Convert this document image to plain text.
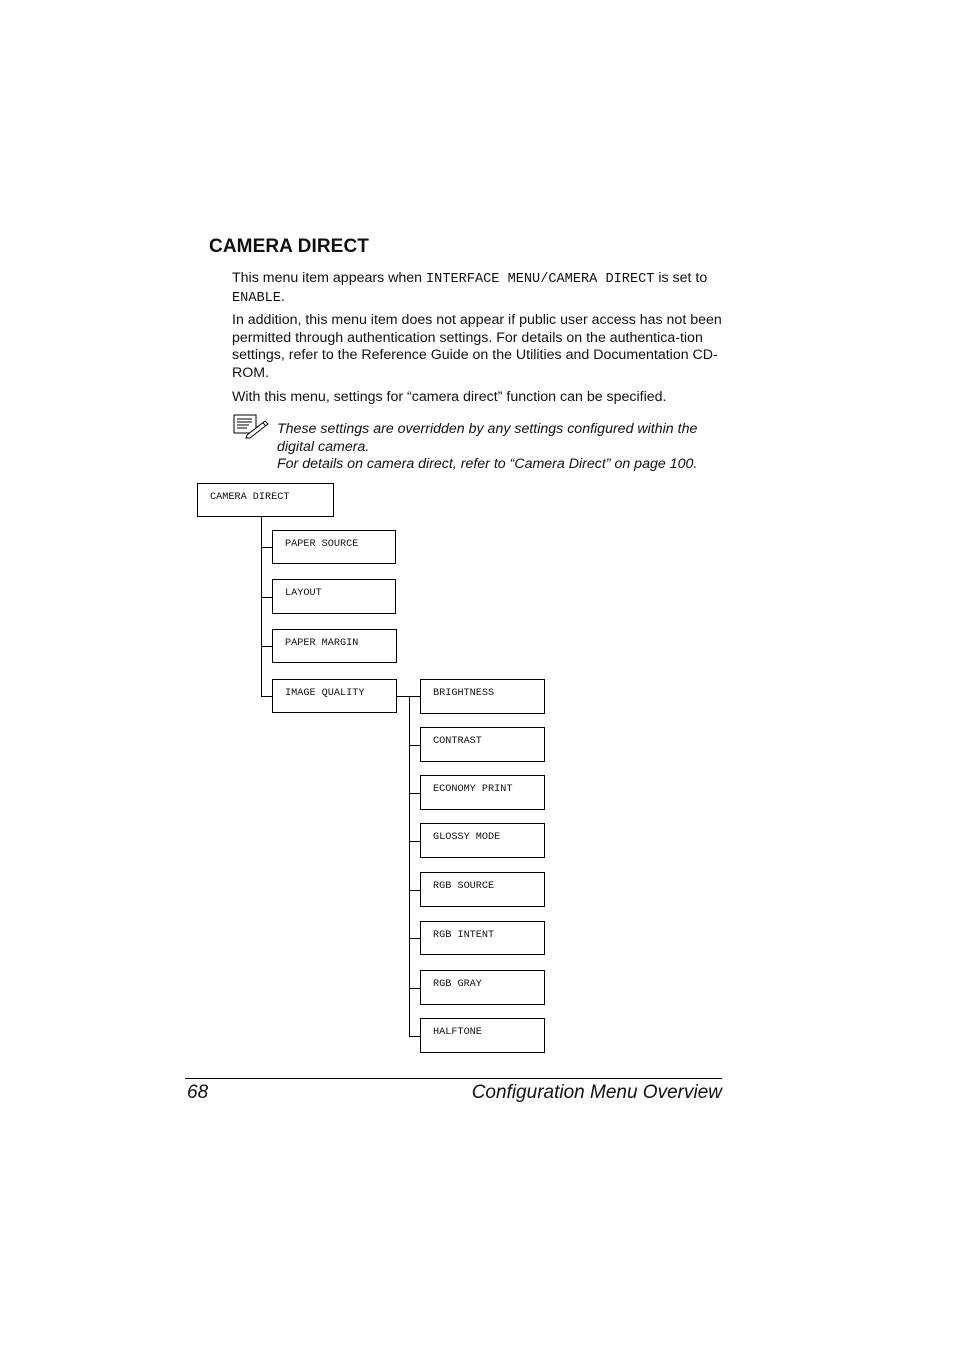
CAMERA DIRECT
This menu item appears when INTERFACE MENU/CAMERA DIRECT is set to ENABLE.
In addition, this menu item does not appear if public user access has not been permitted through authentication settings. For details on the authentica-tion settings, refer to the Reference Guide on the Utilities and Documentation CD-ROM.
With this menu, settings for “camera direct” function can be specified.
These settings are overridden by any settings configured within the digital camera.
For details on camera direct, refer to “Camera Direct” on page 100.
CAMERA DIRECT
PAPER SOURCE
LAYOUT
PAPER MARGIN
IMAGE QUALITY	BRIGHTNESS
CONTRAST
ECONOMY PRINT
GLOSSY MODE
RGB SOURCE
RGB INTENT
RGB GRAY
HALFTONE
68	Configuration Menu Overview
